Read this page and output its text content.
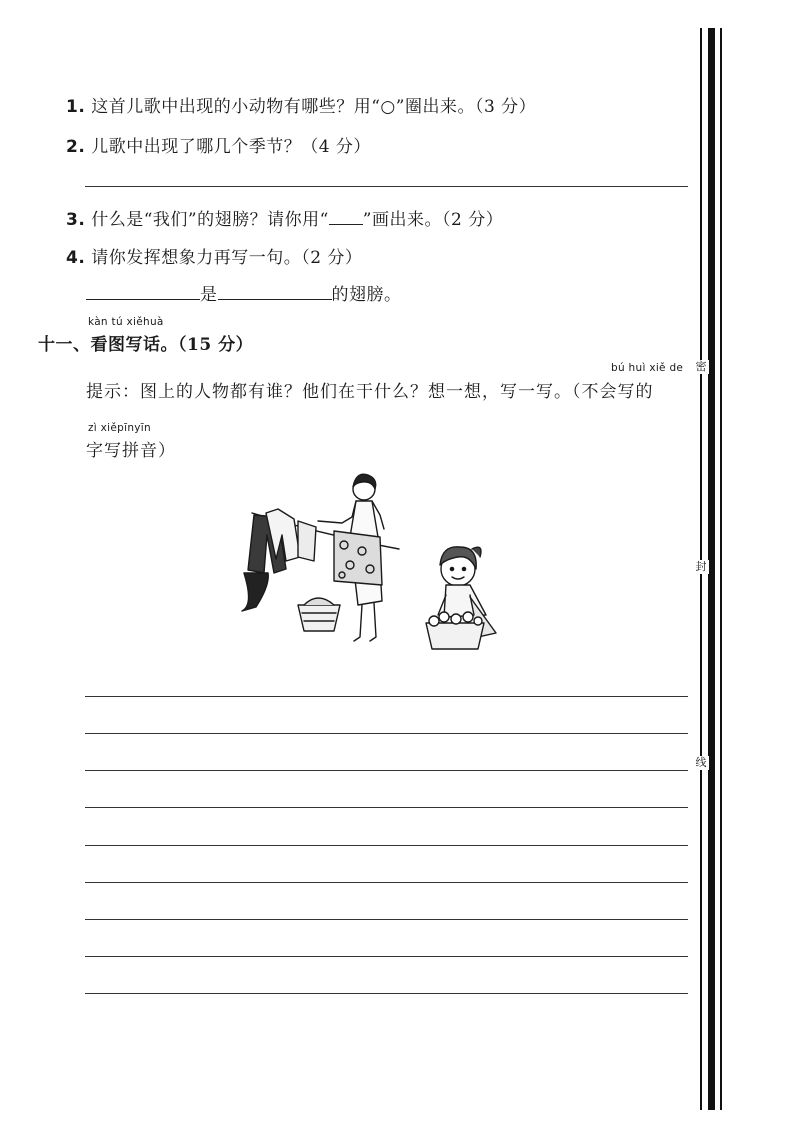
1. 这首儿歌中出现的小动物有哪些？用“○”圈出来。（3 分）
2. 儿歌中出现了哪几个季节？（4 分）
3. 什么是“我们”的翅膀？请你用“ ”画出来。（2 分）
4. 请你发挥想象力再写一句。（2 分）
是	的翅膀。
kàn tú xiěhuà
十一、看图写话。（15 分）
bú huì xiě de
提示：图上的人物都有谁？他们在干什么？想一想，写一写。（不会写的
zì xiěpīnyīn
字写拼音）
密
封
线
